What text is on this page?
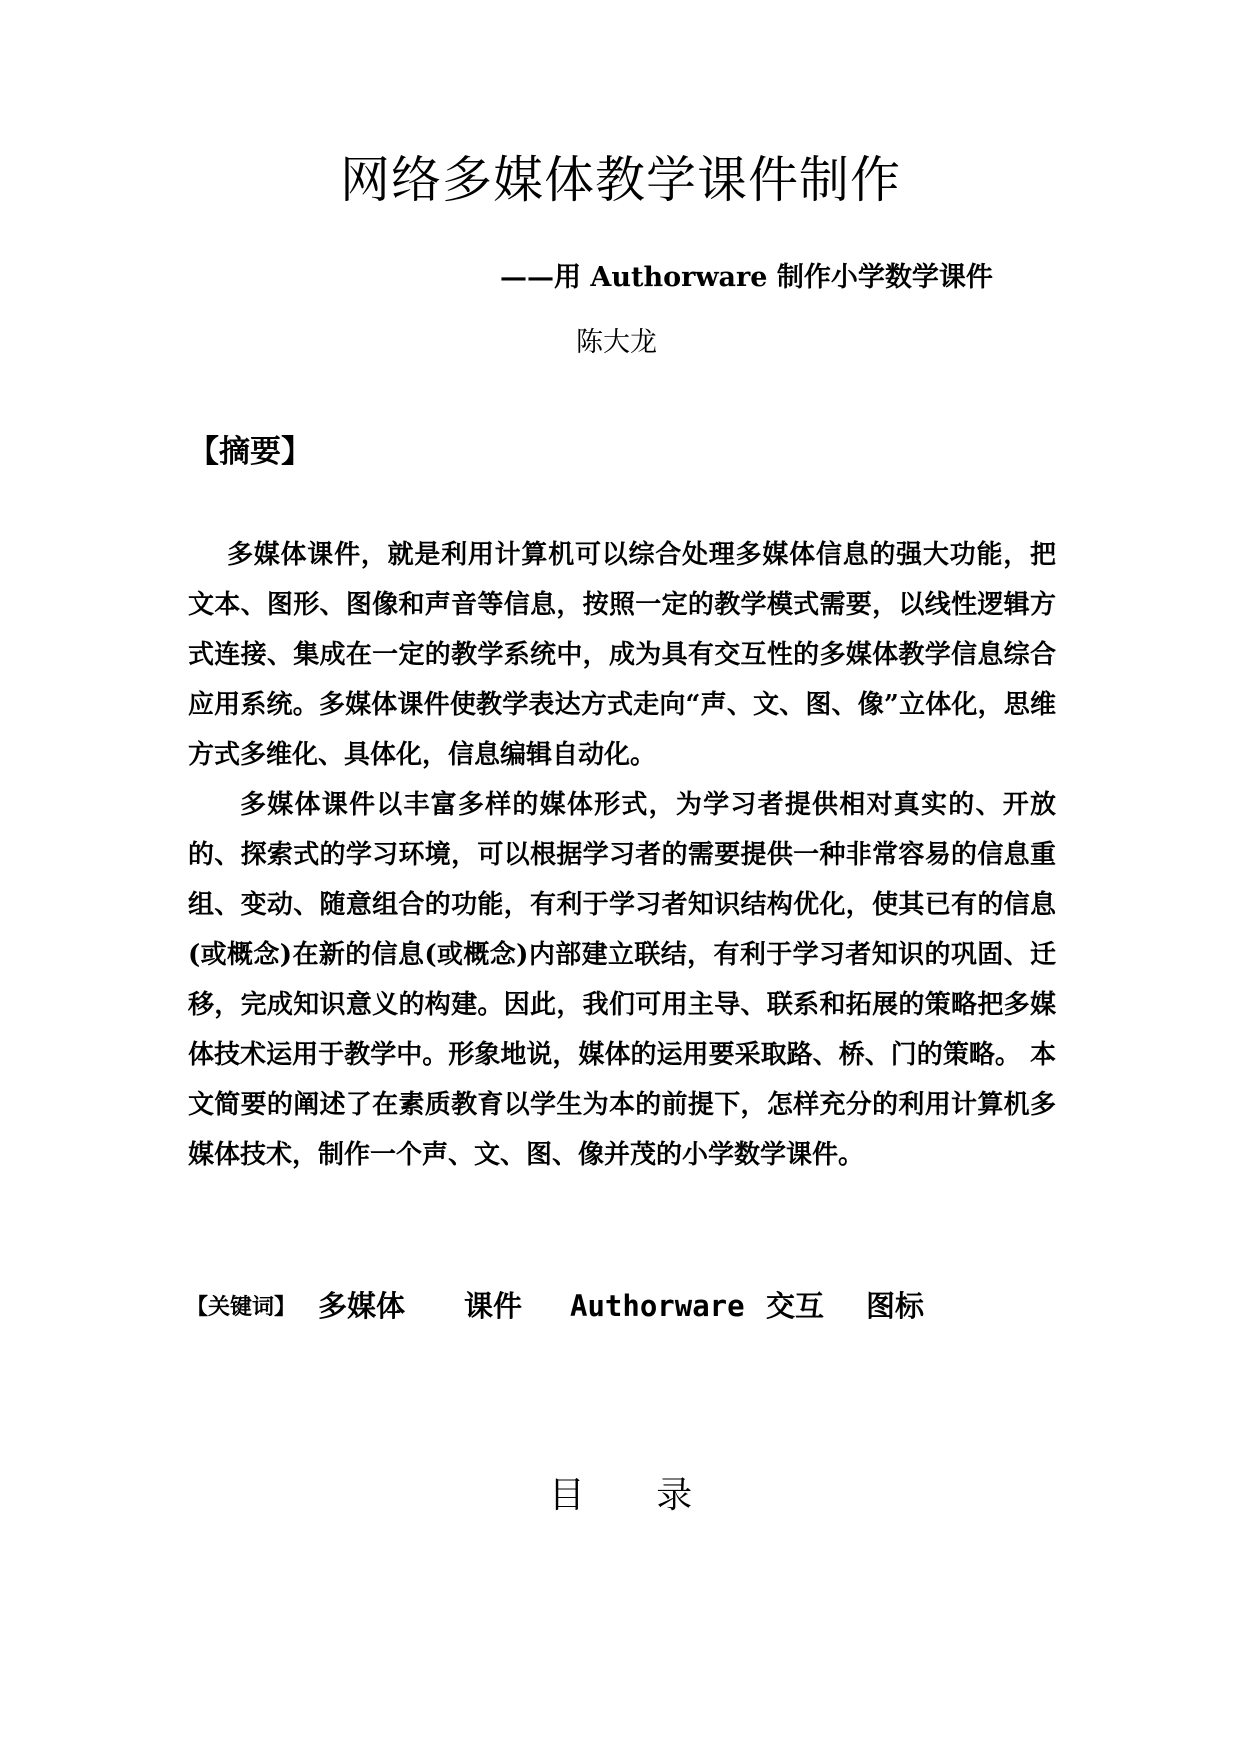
网络多媒体教学课件制作
——用 Authorware 制作小学数学课件
陈大龙
【摘要】

多媒体课件，就是利用计算机可以综合处理多媒体信息的强大功能，把文本、图形、图像和声音等信息，按照一定的教学模式需要，以线性逻辑方式连接、集成在一定的教学系统中，成为具有交互性的多媒体教学信息综合应用系统。多媒体课件使教学表达方式走向“声、文、图、像”立体化，思维方式多维化、具体化，信息编辑自动化。

多媒体课件以丰富多样的媒体形式，为学习者提供相对真实的、开放的、探索式的学习环境，可以根据学习者的需要提供一种非常容易的信息重组、变动、随意组合的功能，有利于学习者知识结构优化，使其已有的信息(或概念)在新的信息(或概念)内部建立联结，有利于学习者知识的巩固、迁移，完成知识意义的构建。因此，我们可用主导、联系和拓展的策略把多媒体技术运用于教学中。形象地说，媒体的运用要采取路、桥、门的策略。 本文简要的阐述了在素质教育以学生为本的前提下，怎样充分的利用计算机多媒体技术，制作一个声、文、图、像并茂的小学数学课件。

【关键词】 多媒体 课件 Authorware 交互 图标
目 录
